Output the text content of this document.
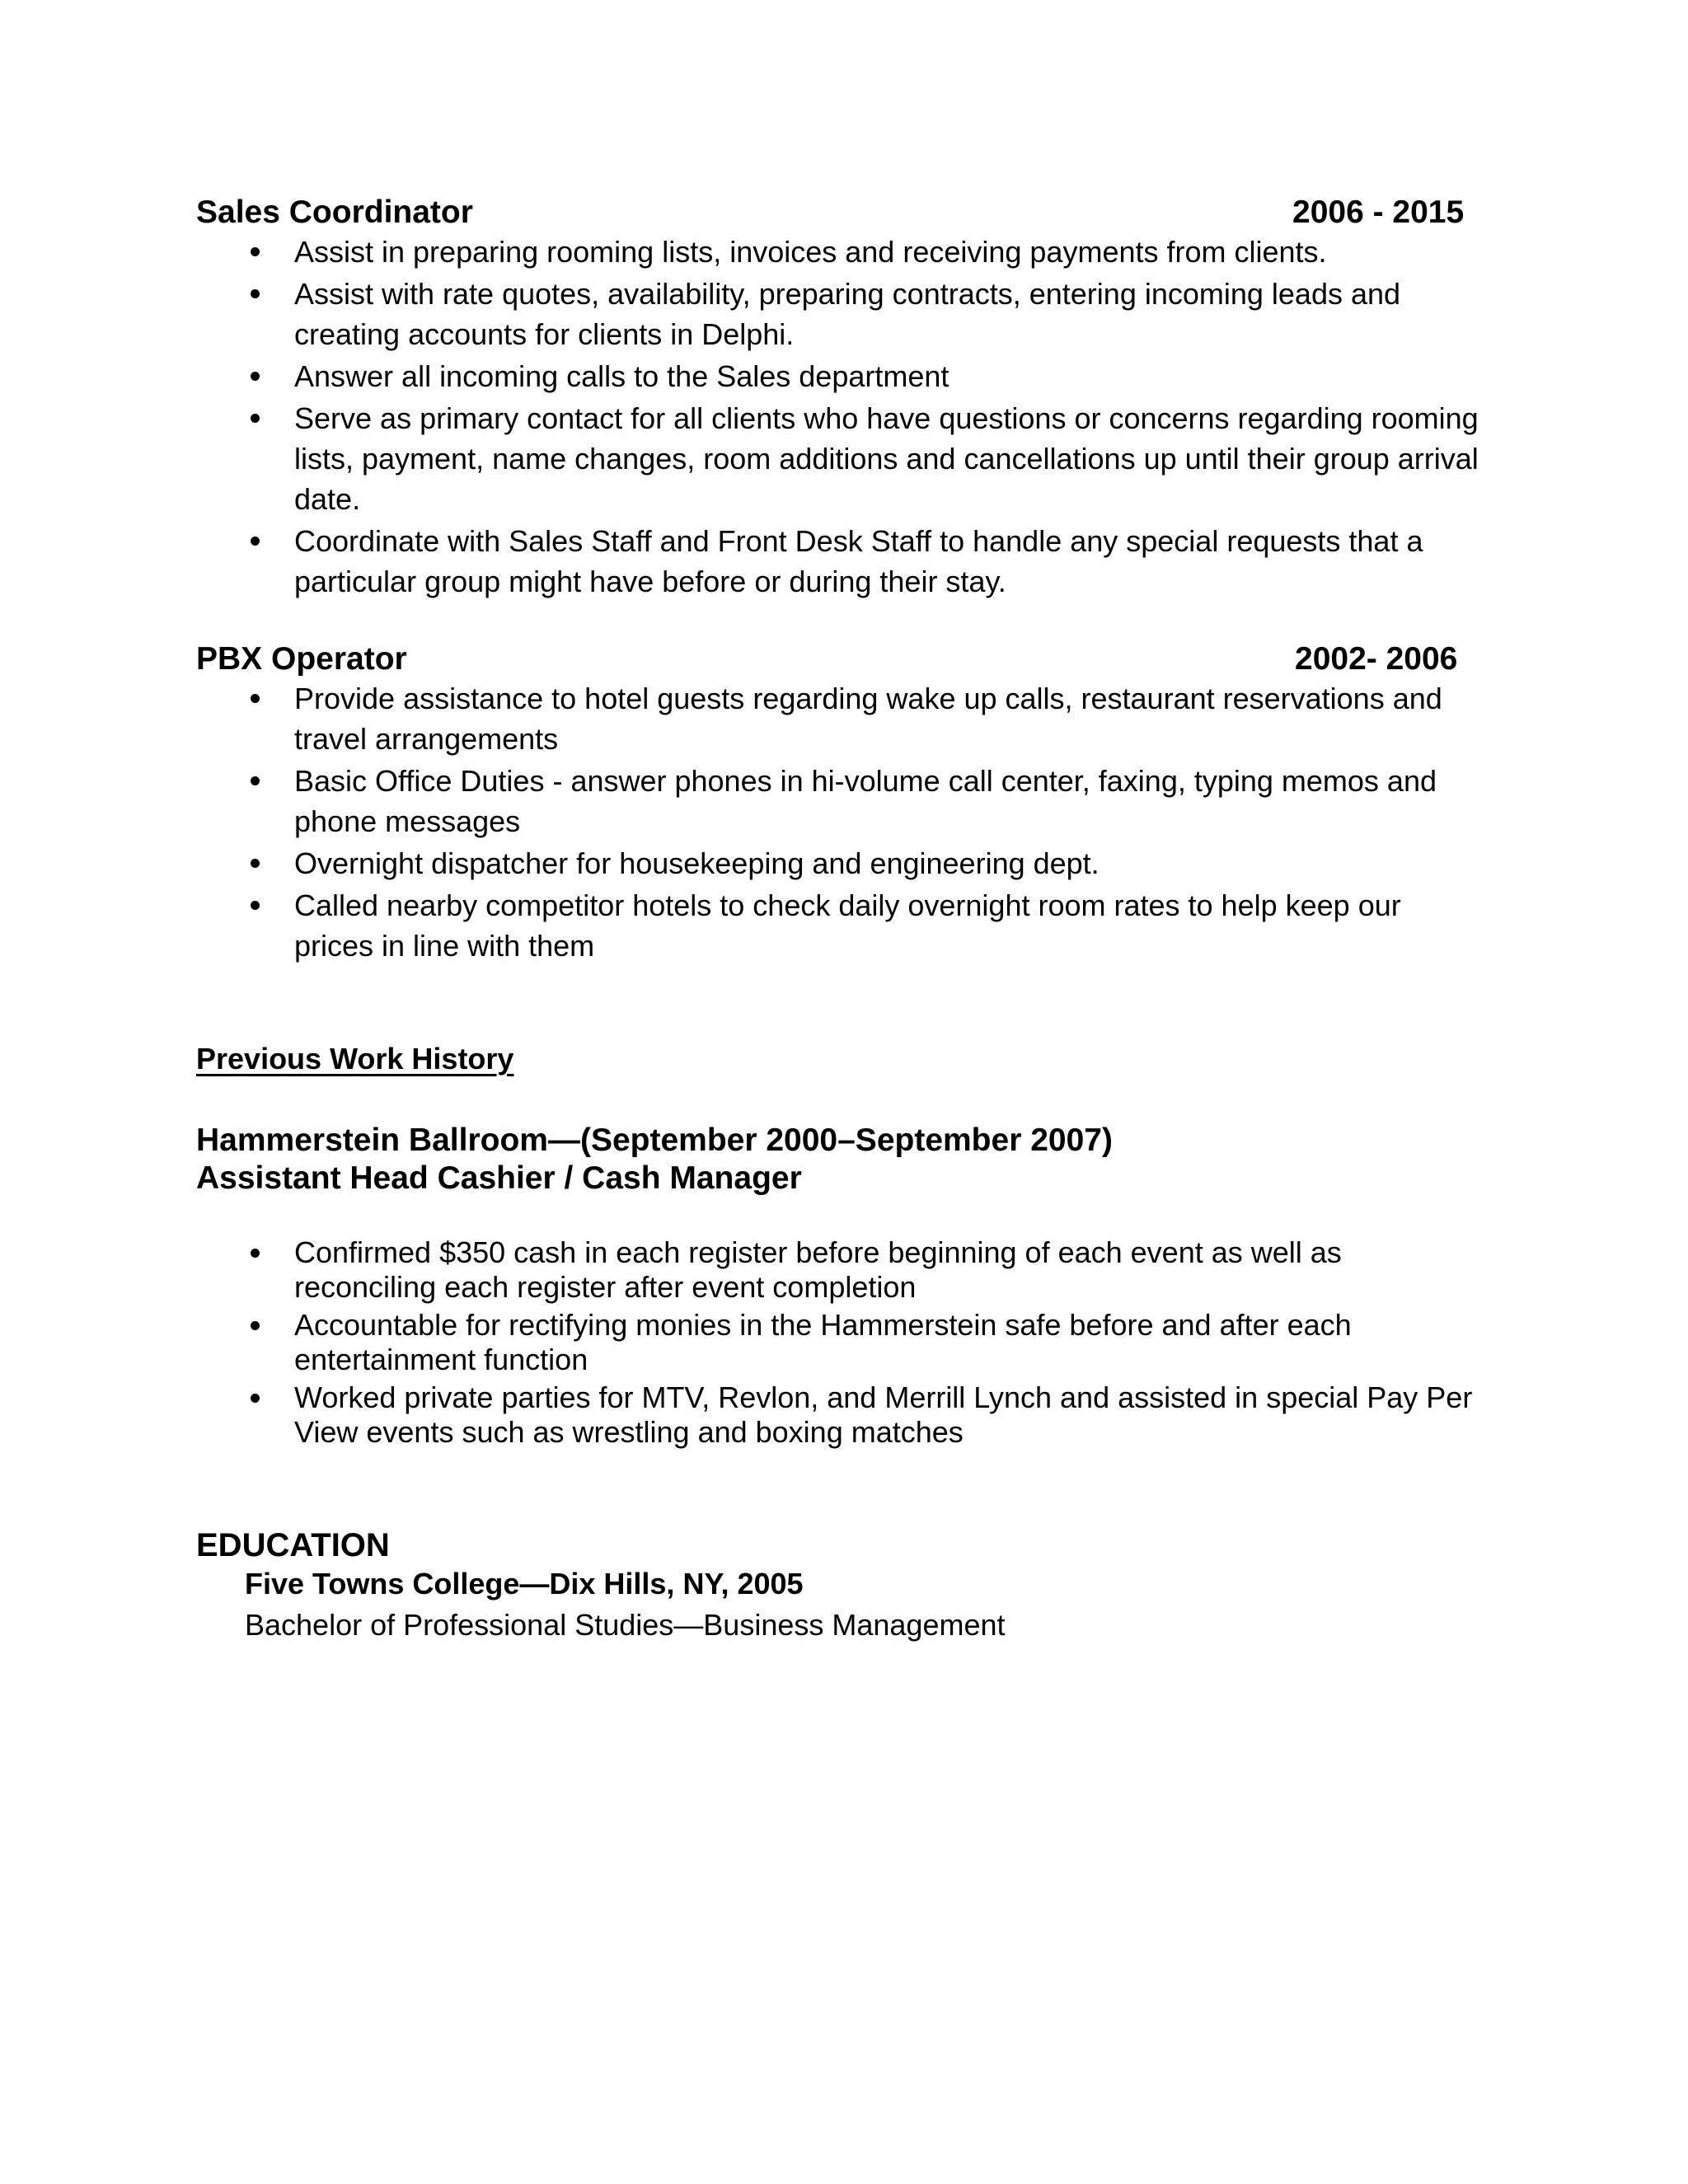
Sales Coordinator	2006 - 2015
Assist in preparing rooming lists, invoices and receiving payments from clients.
Assist with rate quotes, availability, preparing contracts, entering incoming leads and creating accounts for clients in Delphi.
Answer all incoming calls to the Sales department
Serve as primary contact for all clients who have questions or concerns regarding rooming lists, payment, name changes, room additions and cancellations up until their group arrival date.
Coordinate with Sales Staff and Front Desk Staff to handle any special requests that a particular group might have before or during their stay.
PBX Operator	2002- 2006
Provide assistance to hotel guests regarding wake up calls, restaurant reservations and travel arrangements
Basic Office Duties - answer phones in hi-volume call center, faxing, typing memos and phone messages
Overnight dispatcher for housekeeping and engineering dept.
Called nearby competitor hotels to check daily overnight room rates to help keep our prices in line with them
Previous Work History
Hammerstein Ballroom—(September 2000–September 2007)
Assistant Head Cashier / Cash Manager
Confirmed $350 cash in each register before beginning of each event as well as reconciling each register after event completion
Accountable for rectifying monies in the Hammerstein safe before and after each entertainment function
Worked private parties for MTV, Revlon, and Merrill Lynch and assisted in special Pay Per View events such as wrestling and boxing matches
EDUCATION
Five Towns College—Dix Hills, NY, 2005
Bachelor of Professional Studies—Business Management
